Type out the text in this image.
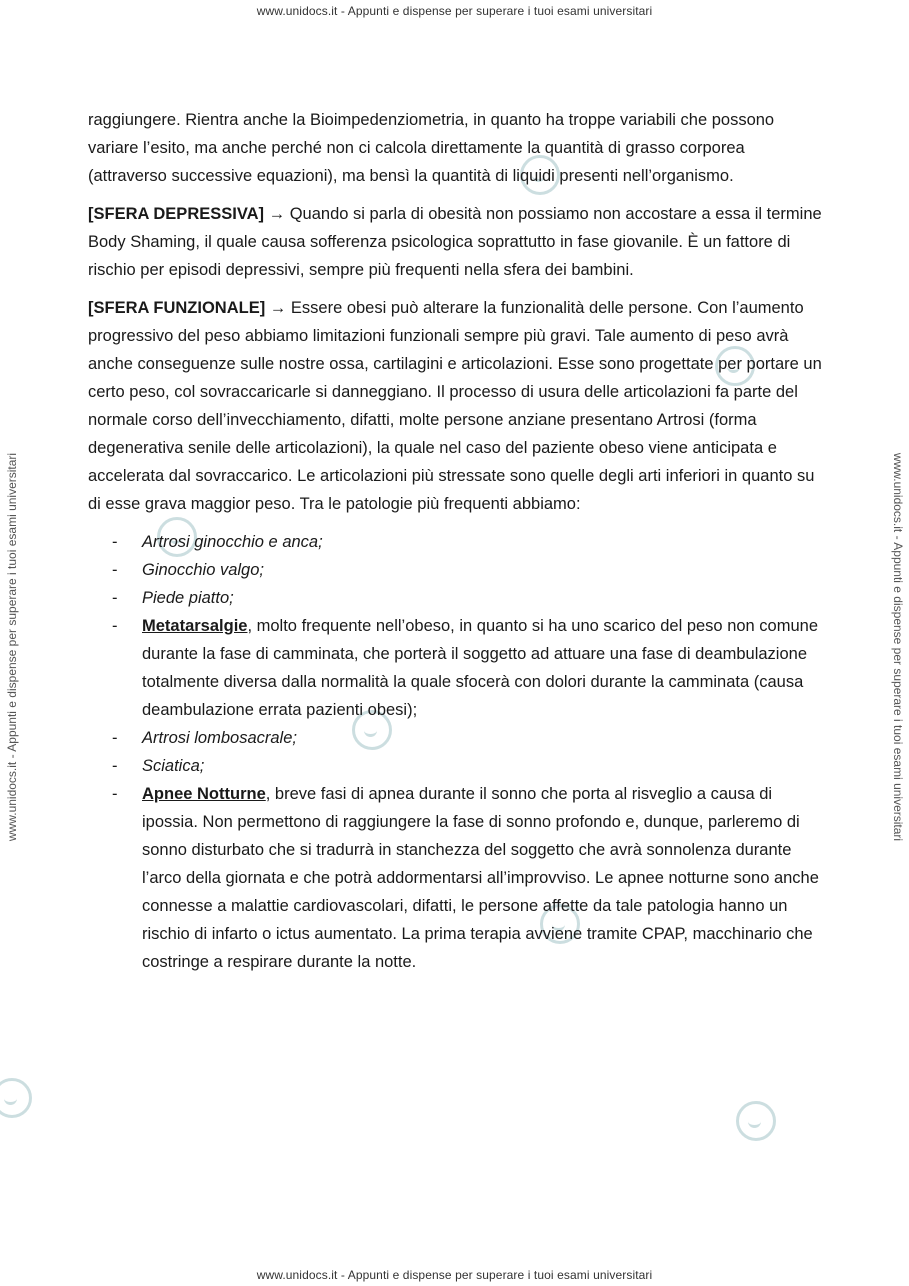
www.unidocs.it - Appunti e dispense per superare i tuoi esami universitari
www.unidocs.it - Appunti e dispense per superare i tuoi esami universitari	www.unidocs.it - Appunti e dispense per superare i tuoi esami universitari

raggiungere. Rientra anche la Bioimpedenziometria, in quanto ha troppe variabili che possono variare l’esito, ma anche perché non ci calcola direttamente la quantità di grasso corporea (attraverso successive equazioni), ma bensì la quantità di liquidi presenti nell’organismo.

[SFERA DEPRESSIVA] → Quando si parla di obesità non possiamo non accostare a essa il termine Body Shaming, il quale causa sofferenza psicologica soprattutto in fase giovanile. È un fattore di rischio per episodi depressivi, sempre più frequenti nella sfera dei bambini.

[SFERA FUNZIONALE] → Essere obesi può alterare la funzionalità delle persone. Con l’aumento progressivo del peso abbiamo limitazioni funzionali sempre più gravi. Tale aumento di peso avrà anche conseguenze sulle nostre ossa, cartilagini e articolazioni. Esse sono progettate per portare un certo peso, col sovraccaricarle si danneggiano. Il processo di usura delle articolazioni fa parte del normale corso dell’invecchiamento, difatti, molte persone anziane presentano Artrosi (forma degenerativa senile delle articolazioni), la quale nel caso del paziente obeso viene anticipata e accelerata dal sovraccarico. Le articolazioni più stressate sono quelle degli arti inferiori in quanto su di esse grava maggior peso. Tra le patologie più frequenti abbiamo:

- Artrosi ginocchio e anca;
- Ginocchio valgo;
- Piede piatto;
- Metatarsalgie, molto frequente nell’obeso, in quanto si ha uno scarico del peso non comune durante la fase di camminata, che porterà il soggetto ad attuare una fase di deambulazione totalmente diversa dalla normalità la quale sfocerà con dolori durante la camminata (causa deambulazione errata pazienti obesi);
- Artrosi lombosacrale;
- Sciatica;
- Apnee Notturne, breve fasi di apnea durante il sonno che porta al risveglio a causa di ipossia. Non permettono di raggiungere la fase di sonno profondo e, dunque, parleremo di sonno disturbato che si tradurrà in stanchezza del soggetto che avrà sonnolenza durante l’arco della giornata e che potrà addormentarsi all’improvviso. Le apnee notturne sono anche connesse a malattie cardiovascolari, difatti, le persone affette da tale patologia hanno un rischio di infarto o ictus aumentato. La prima terapia avviene tramite CPAP, macchinario che costringe a respirare durante la notte.
www.unidocs.it - Appunti e dispense per superare i tuoi esami universitari
